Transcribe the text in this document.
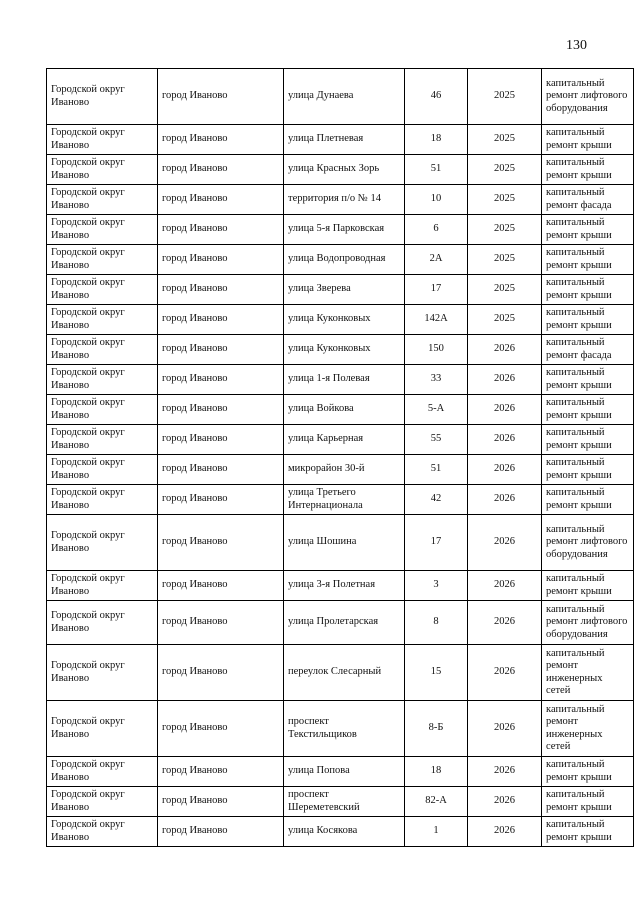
130
Городской округ Иваново	город Иваново	улица Дунаева	46	2025	капитальный ремонт лифтового оборудования
Городской округ Иваново	город Иваново	улица Плетневая	18	2025	капитальный ремонт крыши
Городской округ Иваново	город Иваново	улица Красных Зорь	51	2025	капитальный ремонт крыши
Городской округ Иваново	город Иваново	территория п/о № 14	10	2025	капитальный ремонт фасада
Городской округ Иваново	город Иваново	улица 5-я Парковская	6	2025	капитальный ремонт крыши
Городской округ Иваново	город Иваново	улица Водопроводная	2А	2025	капитальный ремонт крыши
Городской округ Иваново	город Иваново	улица Зверева	17	2025	капитальный ремонт крыши
Городской округ Иваново	город Иваново	улица Куконковых	142А	2025	капитальный ремонт крыши
Городской округ Иваново	город Иваново	улица Куконковых	150	2026	капитальный ремонт фасада
Городской округ Иваново	город Иваново	улица 1-я Полевая	33	2026	капитальный ремонт крыши
Городской округ Иваново	город Иваново	улица Войкова	5-А	2026	капитальный ремонт крыши
Городской округ Иваново	город Иваново	улица Карьерная	55	2026	капитальный ремонт крыши
Городской округ Иваново	город Иваново	микрорайон 30-й	51	2026	капитальный ремонт крыши
Городской округ Иваново	город Иваново	улица Третьего Интернационала	42	2026	капитальный ремонт крыши
Городской округ Иваново	город Иваново	улица Шошина	17	2026	капитальный ремонт лифтового оборудования
Городской округ Иваново	город Иваново	улица 3-я Полетная	3	2026	капитальный ремонт крыши
Городской округ Иваново	город Иваново	улица Пролетарская	8	2026	капитальный ремонт лифтового оборудования
Городской округ Иваново	город Иваново	переулок Слесарный	15	2026	капитальный ремонт инженерных сетей
Городской округ Иваново	город Иваново	проспект Текстильщиков	8-Б	2026	капитальный ремонт инженерных сетей
Городской округ Иваново	город Иваново	улица Попова	18	2026	капитальный ремонт крыши
Городской округ Иваново	город Иваново	проспект Шереметевский	82-А	2026	капитальный ремонт крыши
Городской округ Иваново	город Иваново	улица Косякова	1	2026	капитальный ремонт крыши
